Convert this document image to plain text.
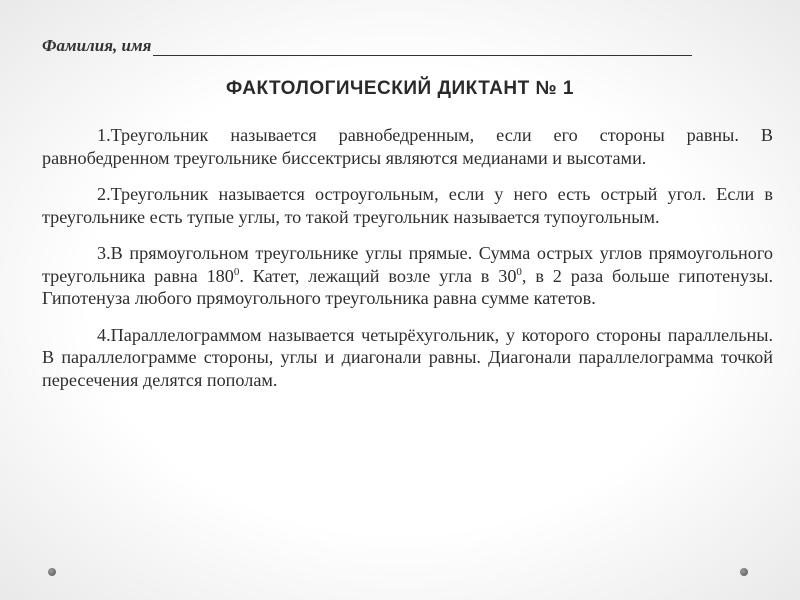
Фамилия, имя
ФАКТОЛОГИЧЕСКИЙ ДИКТАНТ № 1

1.Треугольник называется равнобедренным, если его стороны равны. В равнобедренном треугольнике биссектрисы являются медианами и высотами.

2.Треугольник называется остроугольным, если у него есть острый угол. Если в треугольнике есть тупые углы, то такой треугольник называется тупоугольным.

3.В прямоугольном треугольнике углы прямые. Сумма острых углов прямоугольного треугольника равна $180^0$. Катет, лежащий возле угла в $30^0$, в 2 раза больше гипотенузы. Гипотенуза любого прямоугольного треугольника равна сумме катетов.

4.Параллелограммом называется четырёхугольник, у которого стороны параллельны. В параллелограмме стороны, углы и диагонали равны. Диагонали параллелограмма точкой пересечения делятся пополам.
